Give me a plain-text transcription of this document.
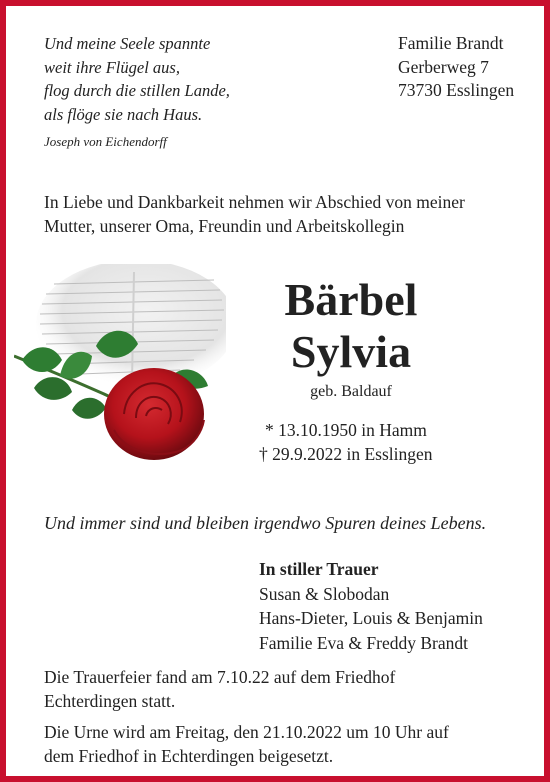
Und meine Seele spannte
weit ihre Flügel aus,
flog durch die stillen Lande,
als flöge sie nach Haus.
Joseph von Eichendorff
Familie Brandt
Gerberweg 7
73730 Esslingen
In Liebe und Dankbarkeit nehmen wir Abschied von meiner
Mutter, unserer Oma, Freundin und Arbeitskollegin
Bärbel
Sylvia
geb. Baldauf
* 13.10.1950 in Hamm
† 29.9.2022 in Esslingen
Und immer sind und bleiben irgendwo Spuren deines Lebens.
In stiller Trauer
Susan & Slobodan
Hans-Dieter, Louis & Benjamin
Familie Eva & Freddy Brandt
Die Trauerfeier fand am 7.10.22 auf dem Friedhof
Echterdingen statt.
Die Urne wird am Freitag, den 21.10.2022 um 10 Uhr auf
dem Friedhof in Echterdingen beigesetzt.
